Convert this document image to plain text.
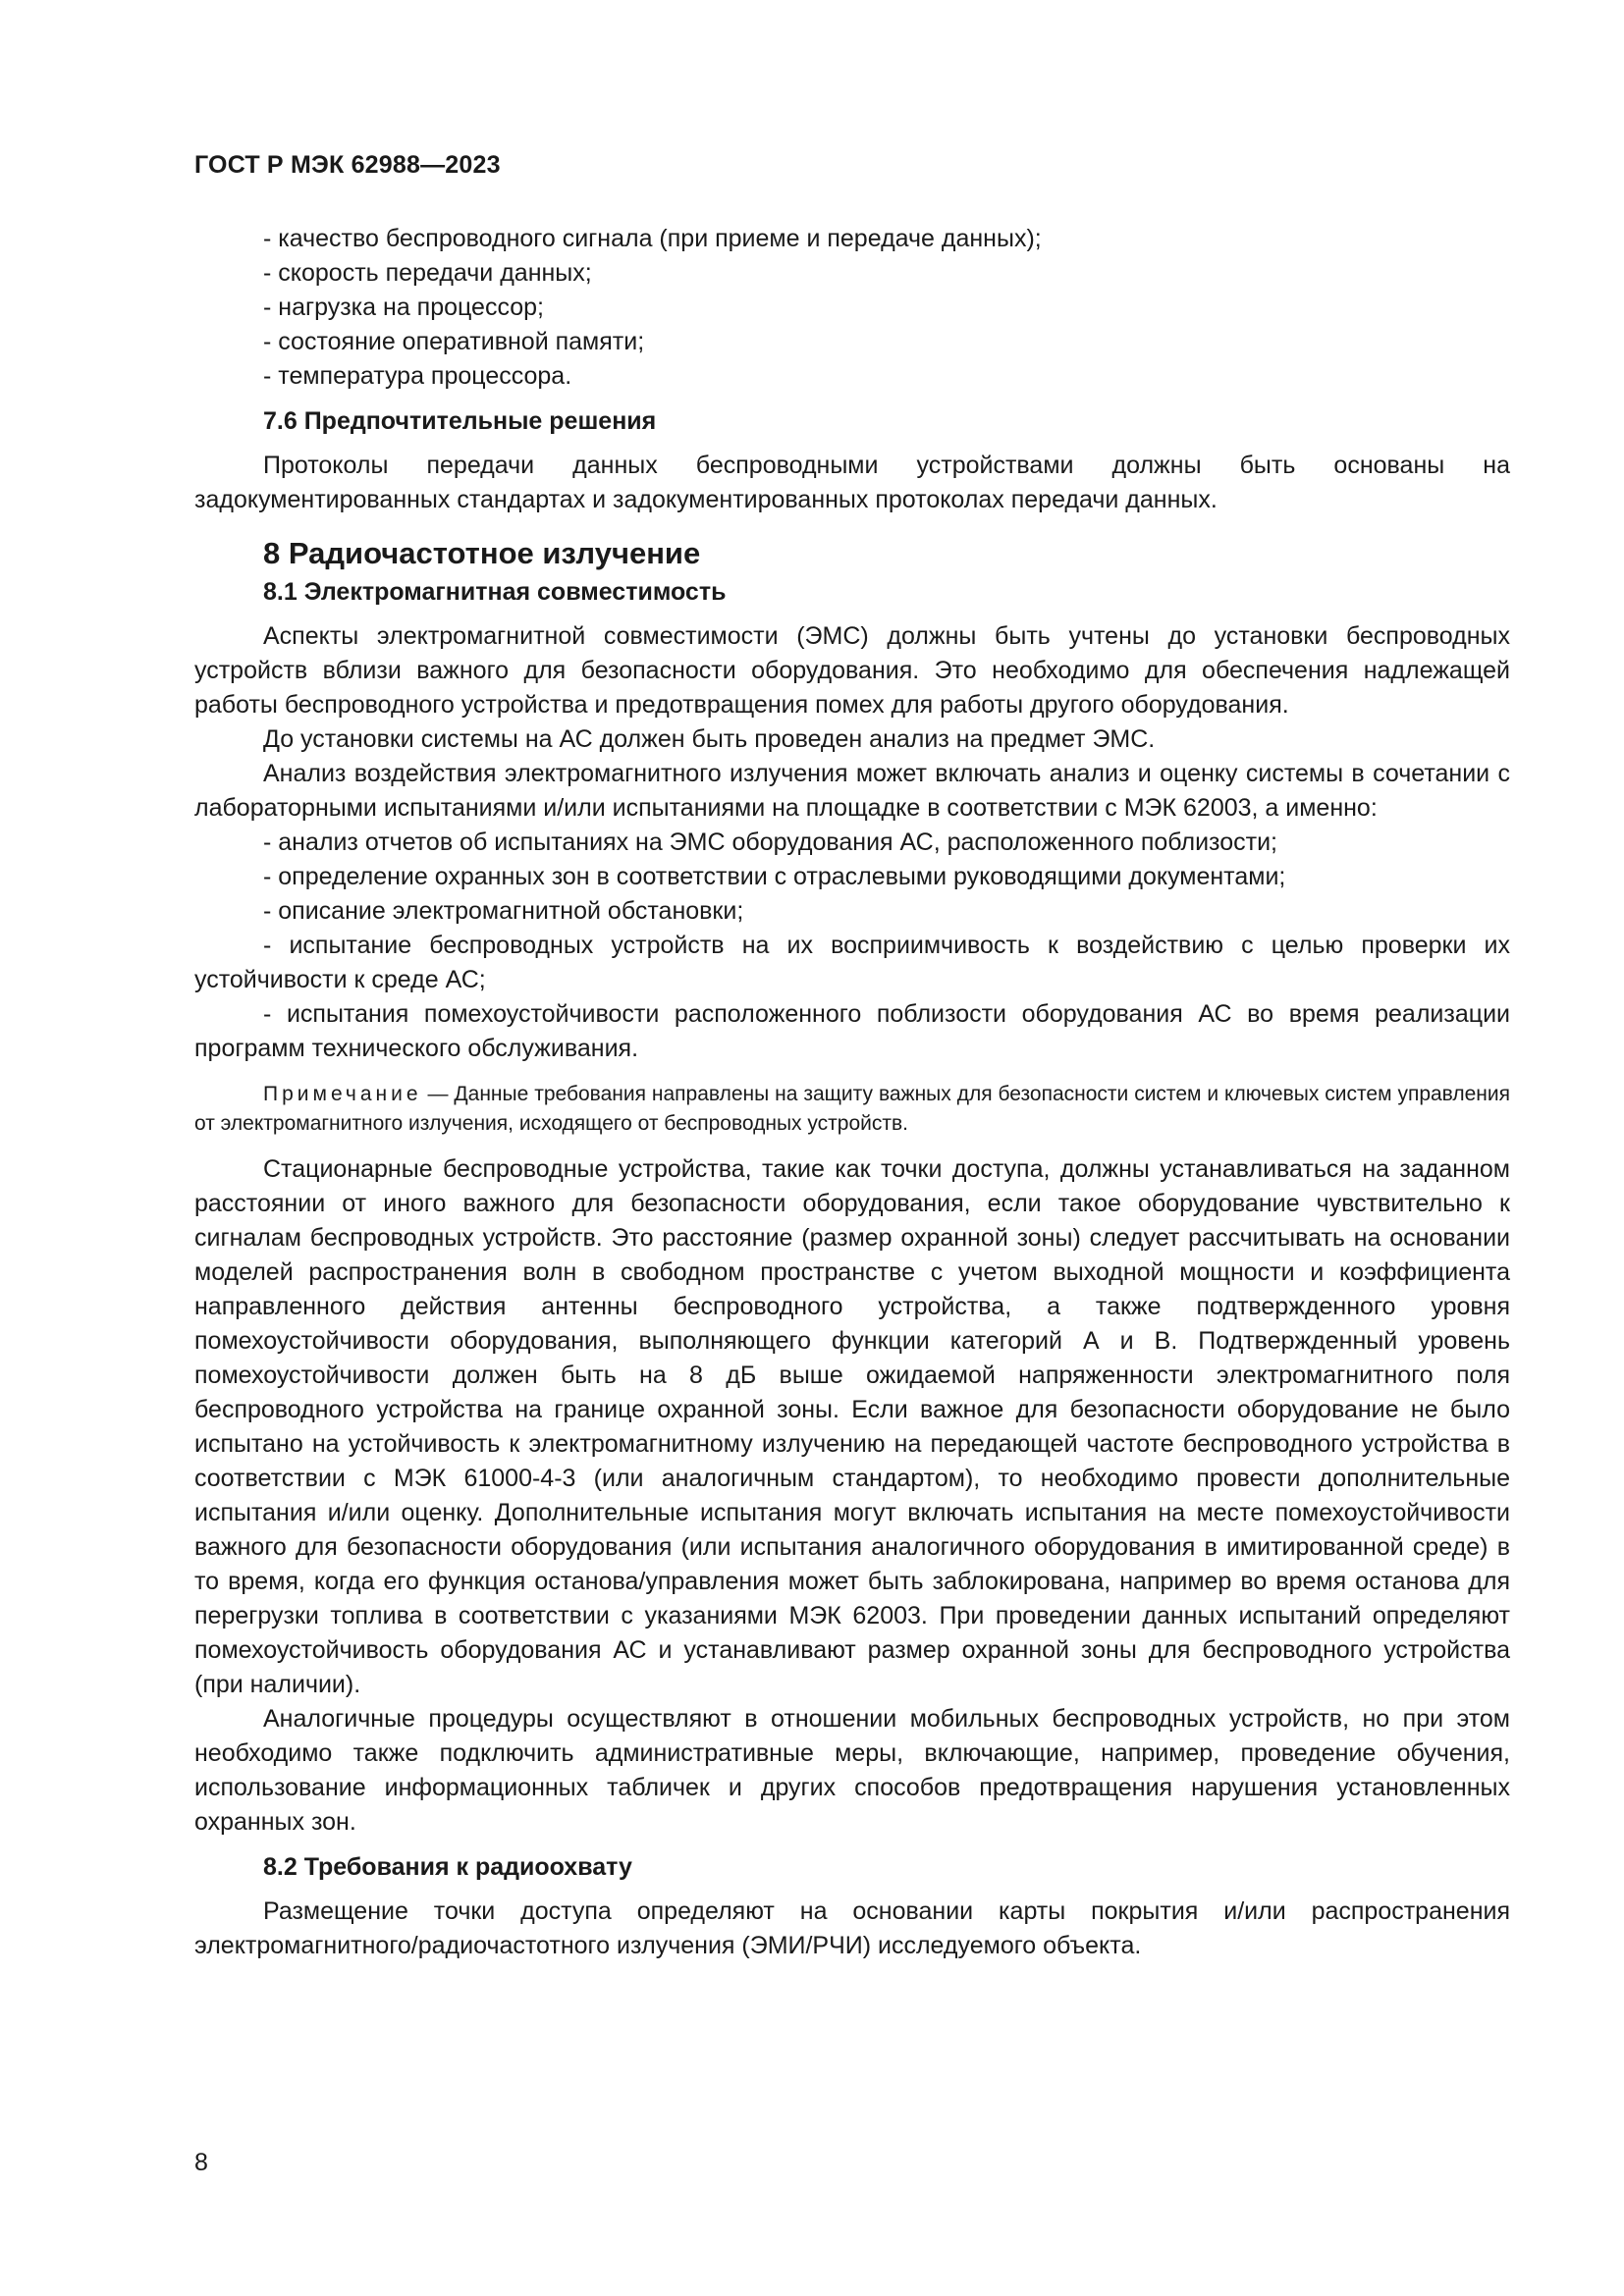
ГОСТ Р МЭК 62988—2023

- качество беспроводного сигнала (при приеме и передаче данных);

- скорость передачи данных;

- нагрузка на процессор;

- состояние оперативной памяти;

- температура процессора.

7.6 Предпочтительные решения

Протоколы передачи данных беспроводными устройствами должны быть основаны на задокументированных стандартах и задокументированных протоколах передачи данных.

8 Радиочастотное излучение
8.1 Электромагнитная совместимость

Аспекты электромагнитной совместимости (ЭМС) должны быть учтены до установки беспроводных устройств вблизи важного для безопасности оборудования. Это необходимо для обеспечения надлежащей работы беспроводного устройства и предотвращения помех для работы другого оборудования.

До установки системы на АС должен быть проведен анализ на предмет ЭМС.

Анализ воздействия электромагнитного излучения может включать анализ и оценку системы в сочетании с лабораторными испытаниями и/или испытаниями на площадке в соответствии с МЭК 62003, а именно:

- анализ отчетов об испытаниях на ЭМС оборудования АС, расположенного поблизости;

- определение охранных зон в соответствии с отраслевыми руководящими документами;

- описание электромагнитной обстановки;

- испытание беспроводных устройств на их восприимчивость к воздействию с целью проверки их устойчивости к среде АС;

- испытания помехоустойчивости расположенного поблизости оборудования АС во время реализации программ технического обслуживания.

Примечание — Данные требования направлены на защиту важных для безопасности систем и ключевых систем управления от электромагнитного излучения, исходящего от беспроводных устройств.

Стационарные беспроводные устройства, такие как точки доступа, должны устанавливаться на заданном расстоянии от иного важного для безопасности оборудования, если такое оборудование чувствительно к сигналам беспроводных устройств. Это расстояние (размер охранной зоны) следует рассчитывать на основании моделей распространения волн в свободном пространстве с учетом выходной мощности и коэффициента направленного действия антенны беспроводного устройства, а также подтвержденного уровня помехоустойчивости оборудования, выполняющего функции категорий А и В. Подтвержденный уровень помехоустойчивости должен быть на 8 дБ выше ожидаемой напряженности электромагнитного поля беспроводного устройства на границе охранной зоны. Если важное для безопасности оборудование не было испытано на устойчивость к электромагнитному излучению на передающей частоте беспроводного устройства в соответствии с МЭК 61000-4-3 (или аналогичным стандартом), то необходимо провести дополнительные испытания и/или оценку. Дополнительные испытания могут включать испытания на месте помехоустойчивости важного для безопасности оборудования (или испытания аналогичного оборудования в имитированной среде) в то время, когда его функция останова/управления может быть заблокирована, например во время останова для перегрузки топлива в соответствии с указаниями МЭК 62003. При проведении данных испытаний определяют помехоустойчивость оборудования АС и устанавливают размер охранной зоны для беспроводного устройства (при наличии).

Аналогичные процедуры осуществляют в отношении мобильных беспроводных устройств, но при этом необходимо также подключить административные меры, включающие, например, проведение обучения, использование информационных табличек и других способов предотвращения нарушения установленных охранных зон.

8.2 Требования к радиоохвату

Размещение точки доступа определяют на основании карты покрытия и/или распространения электромагнитного/радиочастотного излучения (ЭМИ/РЧИ) исследуемого объекта.

8
